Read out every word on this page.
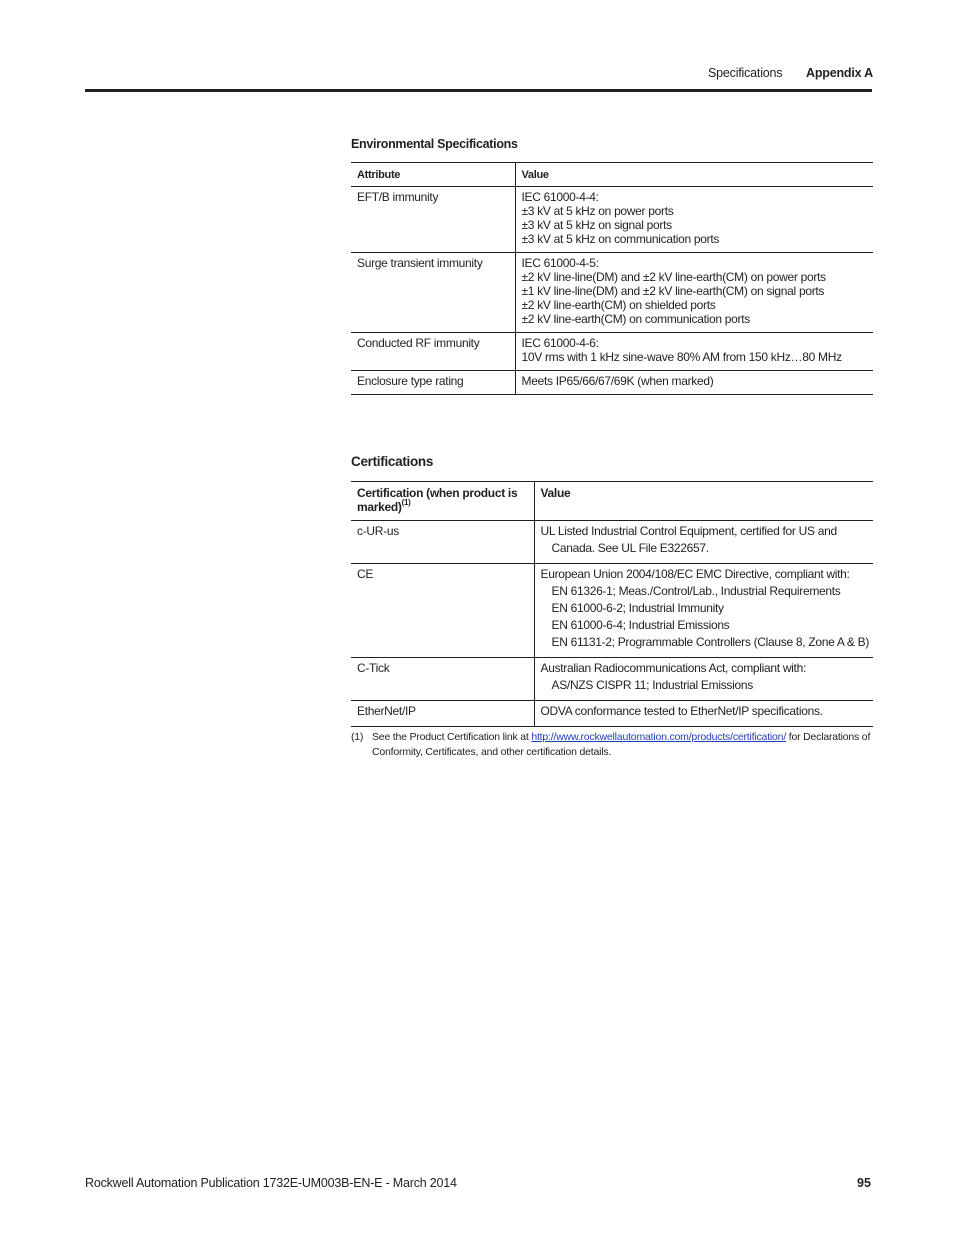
Specifications Appendix A
Environmental Specifications
Attribute	Value
EFT/B immunity	IEC 61000-4-4:
±3 kV at 5 kHz on power ports
±3 kV at 5 kHz on signal ports
±3 kV at 5 kHz on communication ports

Surge transient immunity	IEC 61000-4-5:
±2 kV line-line(DM) and ±2 kV line-earth(CM) on power ports
±1 kV line-line(DM) and ±2 kV line-earth(CM) on signal ports
±2 kV line-earth(CM) on shielded ports
±2 kV line-earth(CM) on communication ports

Conducted RF immunity	IEC 61000-4-6:
10V rms with 1 kHz sine-wave 80% AM from 150 kHz…80 MHz

Enclosure type rating	Meets IP65/66/67/69K (when marked)
Certifications
Certification (when product is marked)$^{(1)}$	Value
c-UR-us	UL Listed Industrial Control Equipment, certified for US and
Canada. See UL File E322657.

CE	European Union 2004/108/EC EMC Directive, compliant with:
EN 61326-1; Meas./Control/Lab., Industrial Requirements
EN 61000-6-2; Industrial Immunity
EN 61000-6-4; Industrial Emissions
EN 61131-2; Programmable Controllers (Clause 8, Zone A & B)

C-Tick	Australian Radiocommunications Act, compliant with:
AS/NZS CISPR 11; Industrial Emissions

EtherNet/IP	ODVA conformance tested to EtherNet/IP specifications.
(1) See the Product Certification link at http://www.rockwellautomation.com/products/certification/ for Declarations of Conformity, Certificates, and other certification details.
Rockwell Automation Publication 1732E-UM003B-EN-E - March 2014	95
